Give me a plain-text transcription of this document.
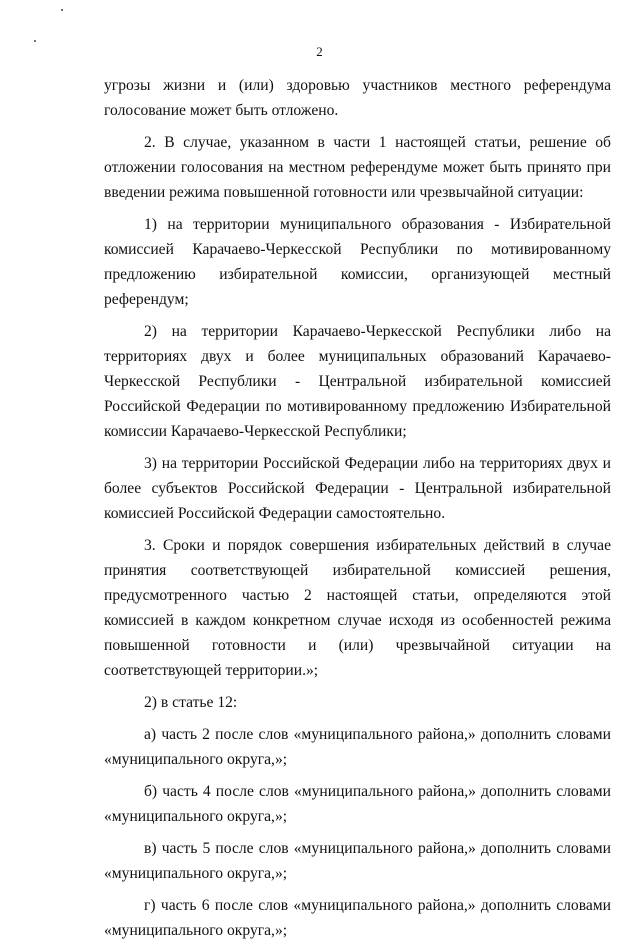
2

угрозы жизни и (или) здоровью участников местного референдума голосование может быть отложено.

2. В случае, указанном в части 1 настоящей статьи, решение об отложении голосования на местном референдуме может быть принято при введении режима повышенной готовности или чрезвычайной ситуации:

1) на территории муниципального образования - Избирательной комиссией Карачаево-Черкесской Республики по мотивированному предложению избирательной комиссии, организующей местный референдум;

2) на территории Карачаево-Черкесской Республики либо на территориях двух и более муниципальных образований Карачаево-Черкесской Республики - Центральной избирательной комиссией Российской Федерации по мотивированному предложению Избирательной комиссии Карачаево-Черкесской Республики;

3) на территории Российской Федерации либо на территориях двух и более субъектов Российской Федерации - Центральной избирательной комиссией Российской Федерации самостоятельно.

3. Сроки и порядок совершения избирательных действий в случае принятия соответствующей избирательной комиссией решения, предусмотренного частью 2 настоящей статьи, определяются этой комиссией в каждом конкретном случае исходя из особенностей режима повышенной готовности и (или) чрезвычайной ситуации на соответствующей территории.»;

2) в статье 12:

а) часть 2 после слов «муниципального района,» дополнить словами «муниципального округа,»;

б) часть 4 после слов «муниципального района,» дополнить словами «муниципального округа,»;

в) часть 5 после слов «муниципального района,» дополнить словами «муниципального округа,»;

г) часть 6 после слов «муниципального района,» дополнить словами «муниципального округа,»;
